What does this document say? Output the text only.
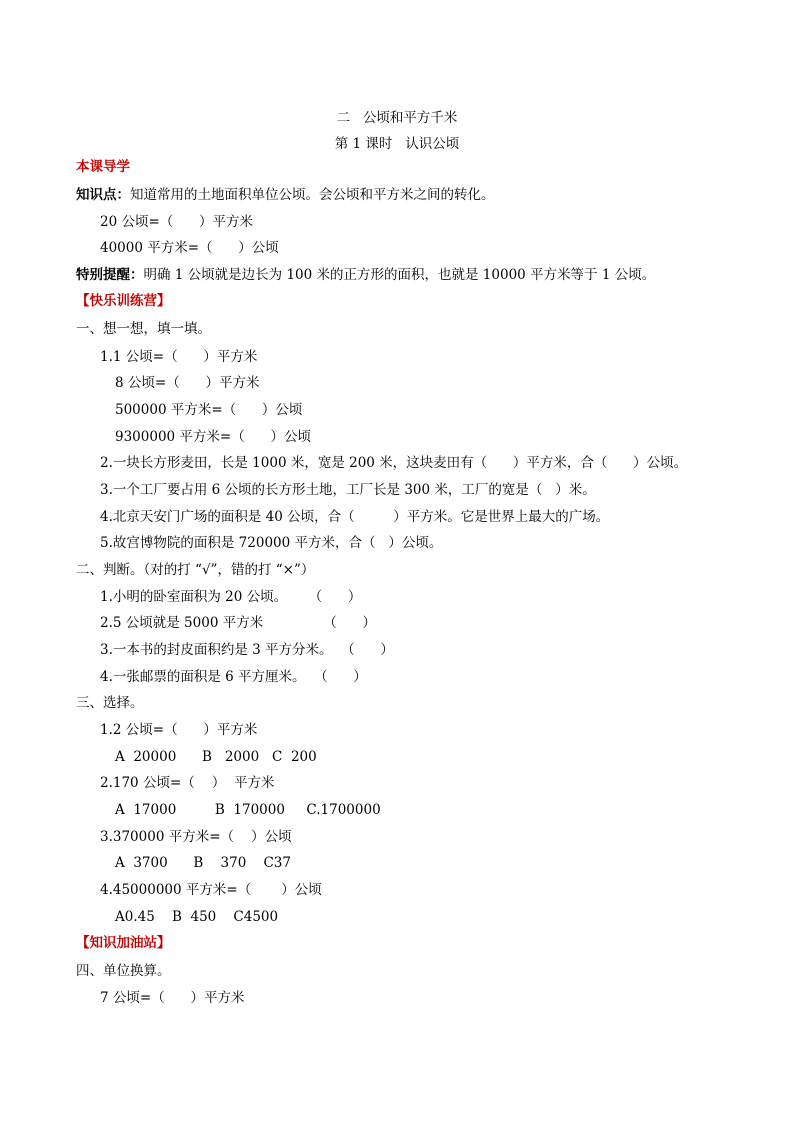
二   公顷和平方千米
第 1 课时   认识公顷
本课导学
知识点：知道常用的土地面积单位公顷。会公顷和平方米之间的转化。
20 公顷=（      ）平方米
40000 平方米=（      ）公顷
特别提醒：明确 1 公顷就是边长为 100 米的正方形的面积，也就是 10000 平方米等于 1 公顷。
【快乐训练营】
一、想一想，填一填。
1.1 公顷=（      ）平方米
8 公顷=（      ）平方米
500000 平方米=（      ）公顷
9300000 平方米=（      ）公顷
2.一块长方形麦田，长是 1000 米，宽是 200 米，这块麦田有（      ）平方米，合（      ）公顷。
3.一个工厂要占用 6 公顷的长方形土地，工厂长是 300 米，工厂的宽是（   ）米。
4.北京天安门广场的面积是 40 公顷，合（         ）平方米。它是世界上最大的广场。
5.故宫博物院的面积是 720000 平方米，合（   ）公顷。
二、判断。（对的打 “√”，错的打 “×”）
1.小明的卧室面积为 20 公顷。     （      ）
2.5 公顷就是 5000 平方米              （      ）
3.一本书的封皮面积约是 3 平方分米。  （      ）
4.一张邮票的面积是 6 平方厘米。  （      ）
三、选择。
1.2 公顷=（      ）平方米
A  20000      B   2000   C  200
2.170 公顷=（    ）  平方米
A  17000         B  170000     C.1700000
3.370000 平方米=（    ）公顷
A  3700      B    370    C37
4.45000000 平方米=（       ）公顷
A0.45    B  450    C4500
【知识加油站】
四、单位换算。
7 公顷=（      ）平方米
